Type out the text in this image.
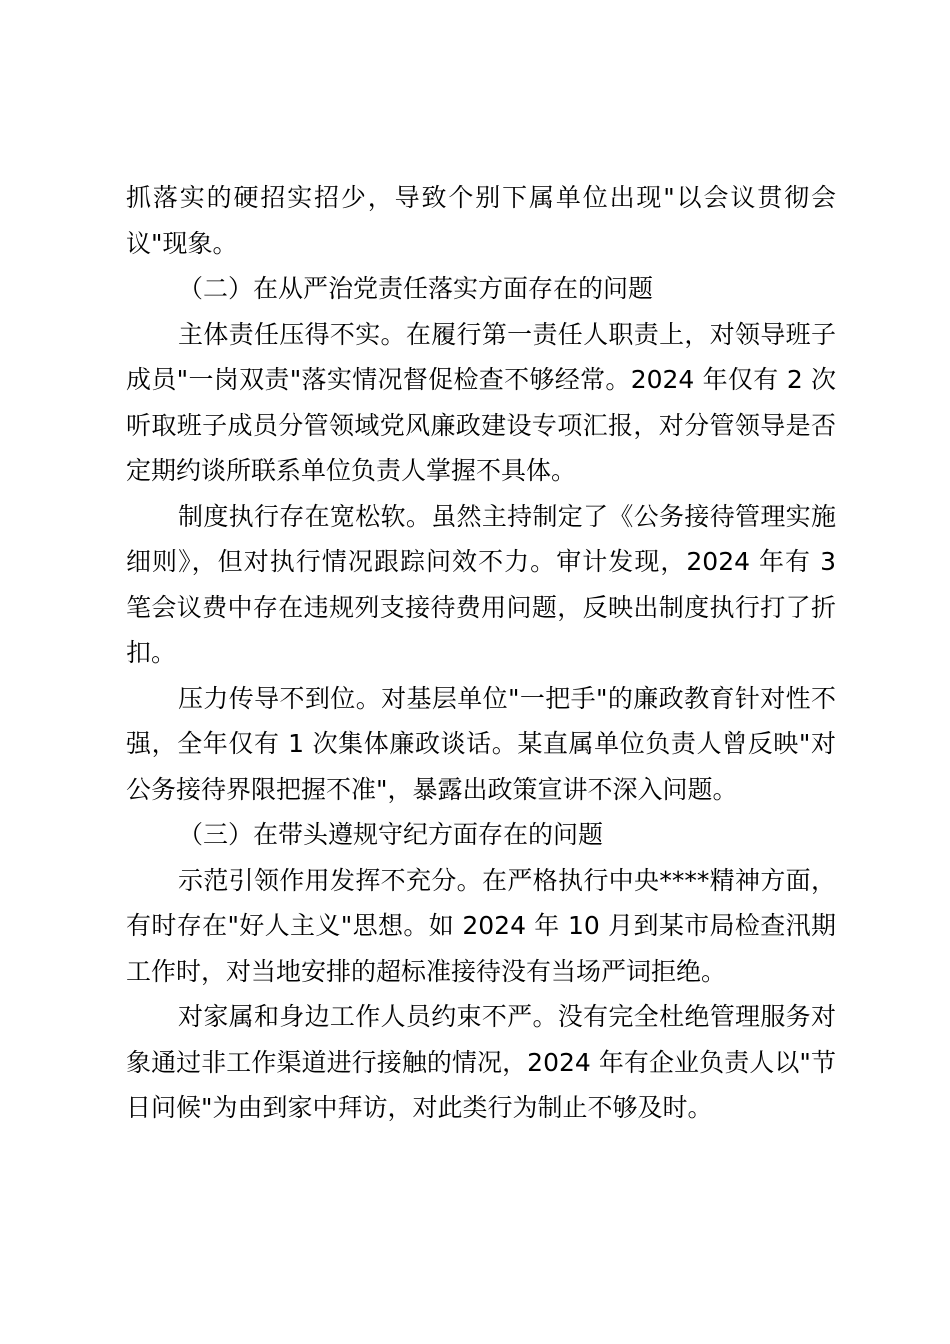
抓落实的硬招实招少，导致个别下属单位出现"以会议贯彻会议"现象。

（二）在从严治党责任落实方面存在的问题

主体责任压得不实。在履行第一责任人职责上，对领导班子成员"一岗双责"落实情况督促检查不够经常。2024 年仅有 2 次听取班子成员分管领域党风廉政建设专项汇报，对分管领导是否定期约谈所联系单位负责人掌握不具体。

制度执行存在宽松软。虽然主持制定了《公务接待管理实施细则》，但对执行情况跟踪问效不力。审计发现，2024 年有 3 笔会议费中存在违规列支接待费用问题，反映出制度执行打了折扣。

压力传导不到位。对基层单位"一把手"的廉政教育针对性不强，全年仅有 1 次集体廉政谈话。某直属单位负责人曾反映"对公务接待界限把握不准"，暴露出政策宣讲不深入问题。

（三）在带头遵规守纪方面存在的问题

示范引领作用发挥不充分。在严格执行中央****精神方面，有时存在"好人主义"思想。如 2024 年 10 月到某市局检查汛期工作时，对当地安排的超标准接待没有当场严词拒绝。

对家属和身边工作人员约束不严。没有完全杜绝管理服务对象通过非工作渠道进行接触的情况，2024 年有企业负责人以"节日问候"为由到家中拜访，对此类行为制止不够及时。
